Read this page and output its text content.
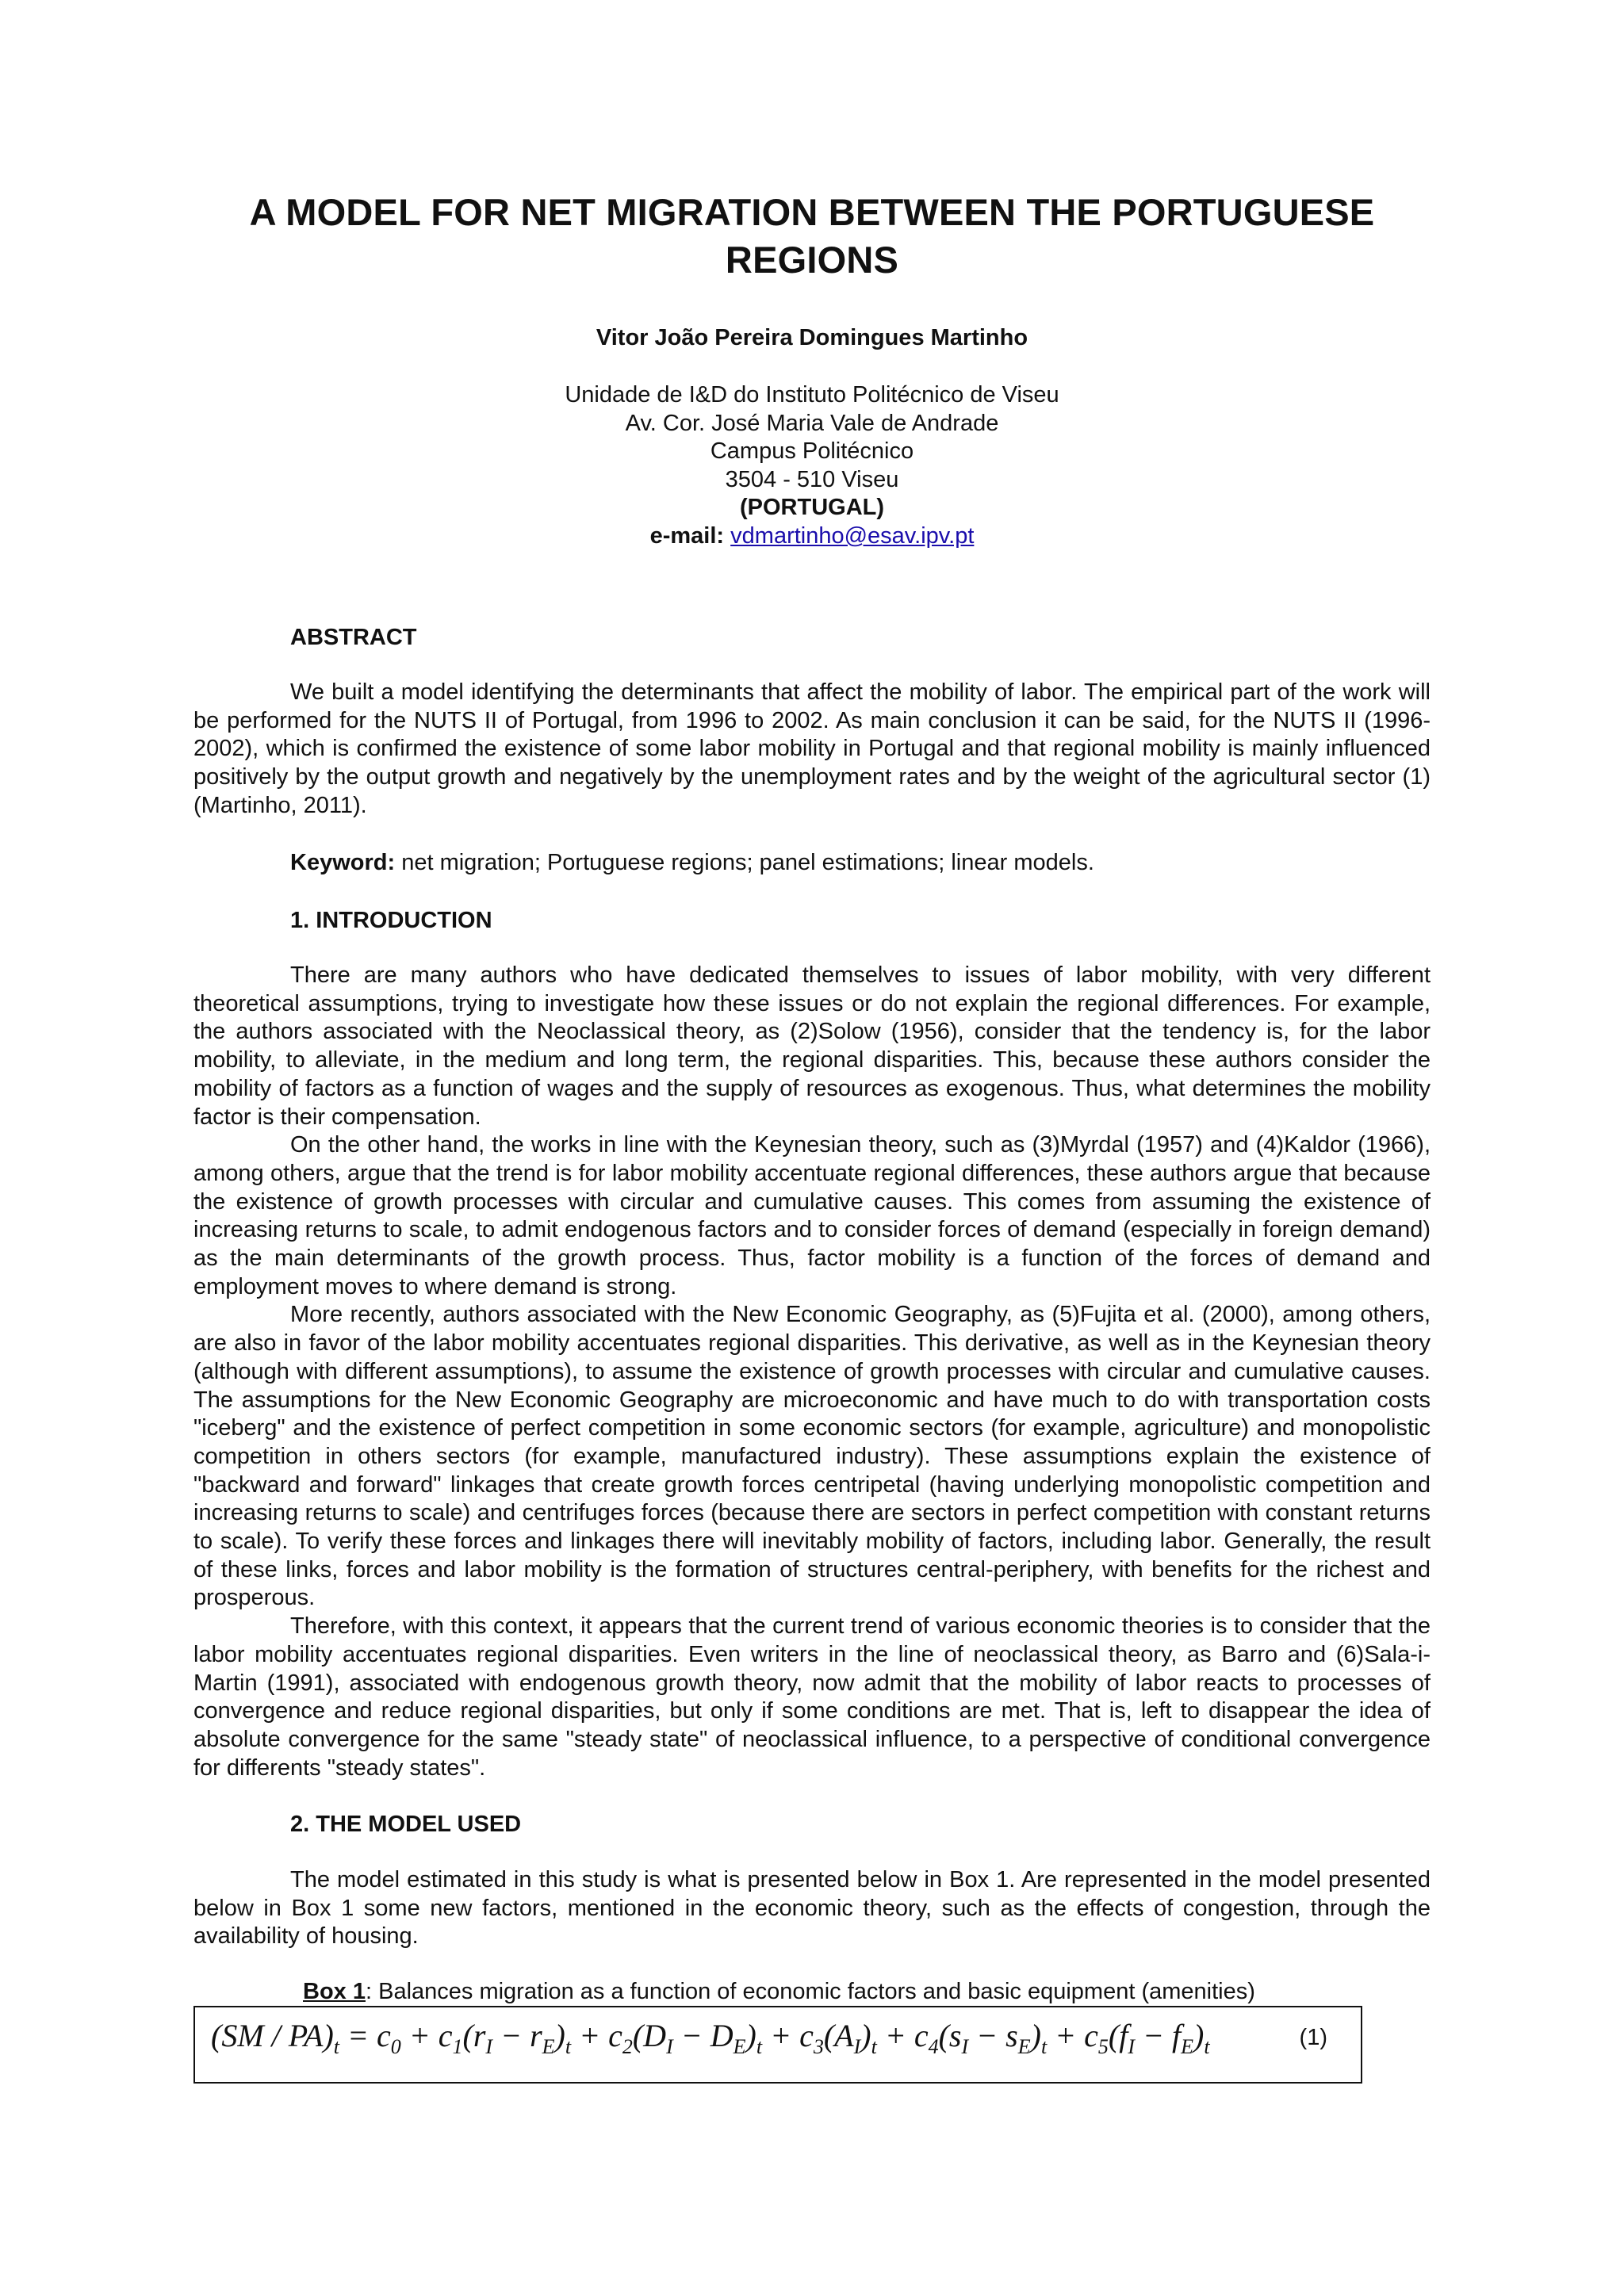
A MODEL FOR NET MIGRATION BETWEEN THE PORTUGUESE REGIONS
Vitor João Pereira Domingues Martinho
Unidade de I&D do Instituto Politécnico de Viseu
Av. Cor. José Maria Vale de Andrade
Campus Politécnico
3504 - 510 Viseu
(PORTUGAL)
e-mail: vdmartinho@esav.ipv.pt
ABSTRACT

We built a model identifying the determinants that affect the mobility of labor. The empirical part of the work will be performed for the NUTS II of Portugal, from 1996 to 2002. As main conclusion it can be said, for the NUTS II (1996-2002), which is confirmed the existence of some labor mobility in Portugal and that regional mobility is mainly influenced positively by the output growth and negatively by the unemployment rates and by the weight of the agricultural sector (1)(Martinho, 2011).

Keyword: net migration; Portuguese regions; panel estimations; linear models.
1. INTRODUCTION

There are many authors who have dedicated themselves to issues of labor mobility, with very different theoretical assumptions, trying to investigate how these issues or do not explain the regional differences. For example, the authors associated with the Neoclassical theory, as (2)Solow (1956), consider that the tendency is, for the labor mobility, to alleviate, in the medium and long term, the regional disparities. This, because these authors consider the mobility of factors as a function of wages and the supply of resources as exogenous. Thus, what determines the mobility factor is their compensation.

On the other hand, the works in line with the Keynesian theory, such as (3)Myrdal (1957) and (4)Kaldor (1966), among others, argue that the trend is for labor mobility accentuate regional differences, these authors argue that because the existence of growth processes with circular and cumulative causes. This comes from assuming the existence of increasing returns to scale, to admit endogenous factors and to consider forces of demand (especially in foreign demand) as the main determinants of the growth process. Thus, factor mobility is a function of the forces of demand and employment moves to where demand is strong.

More recently, authors associated with the New Economic Geography, as (5)Fujita et al. (2000), among others, are also in favor of the labor mobility accentuates regional disparities. This derivative, as well as in the Keynesian theory (although with different assumptions), to assume the existence of growth processes with circular and cumulative causes. The assumptions for the New Economic Geography are microeconomic and have much to do with transportation costs "iceberg" and the existence of perfect competition in some economic sectors (for example, agriculture) and monopolistic competition in others sectors (for example, manufactured industry). These assumptions explain the existence of "backward and forward" linkages that create growth forces centripetal (having underlying monopolistic competition and increasing returns to scale) and centrifuges forces (because there are sectors in perfect competition with constant returns to scale). To verify these forces and linkages there will inevitably mobility of factors, including labor. Generally, the result of these links, forces and labor mobility is the formation of structures central-periphery, with benefits for the richest and prosperous.

Therefore, with this context, it appears that the current trend of various economic theories is to consider that the labor mobility accentuates regional disparities. Even writers in the line of neoclassical theory, as Barro and (6)Sala-i-Martin (1991), associated with endogenous growth theory, now admit that the mobility of labor reacts to processes of convergence and reduce regional disparities, but only if some conditions are met. That is, left to disappear the idea of absolute convergence for the same "steady state" of neoclassical influence, to a perspective of conditional convergence for differents "steady states".

2. THE MODEL USED

The model estimated in this study is what is presented below in Box 1. Are represented in the model presented below in Box 1 some new factors, mentioned in the economic theory, such as the effects of congestion, through the availability of housing.

Box 1: Balances migration as a function of economic factors and basic equipment (amenities)
$(SM / PA)_t = c_0 + c_1(r_I - r_E)_t + c_2(D_I - D_E)_t + c_3(A_I)_t + c_4(s_I - s_E)_t + c_5(f_I - f_E)_t$	(1)
